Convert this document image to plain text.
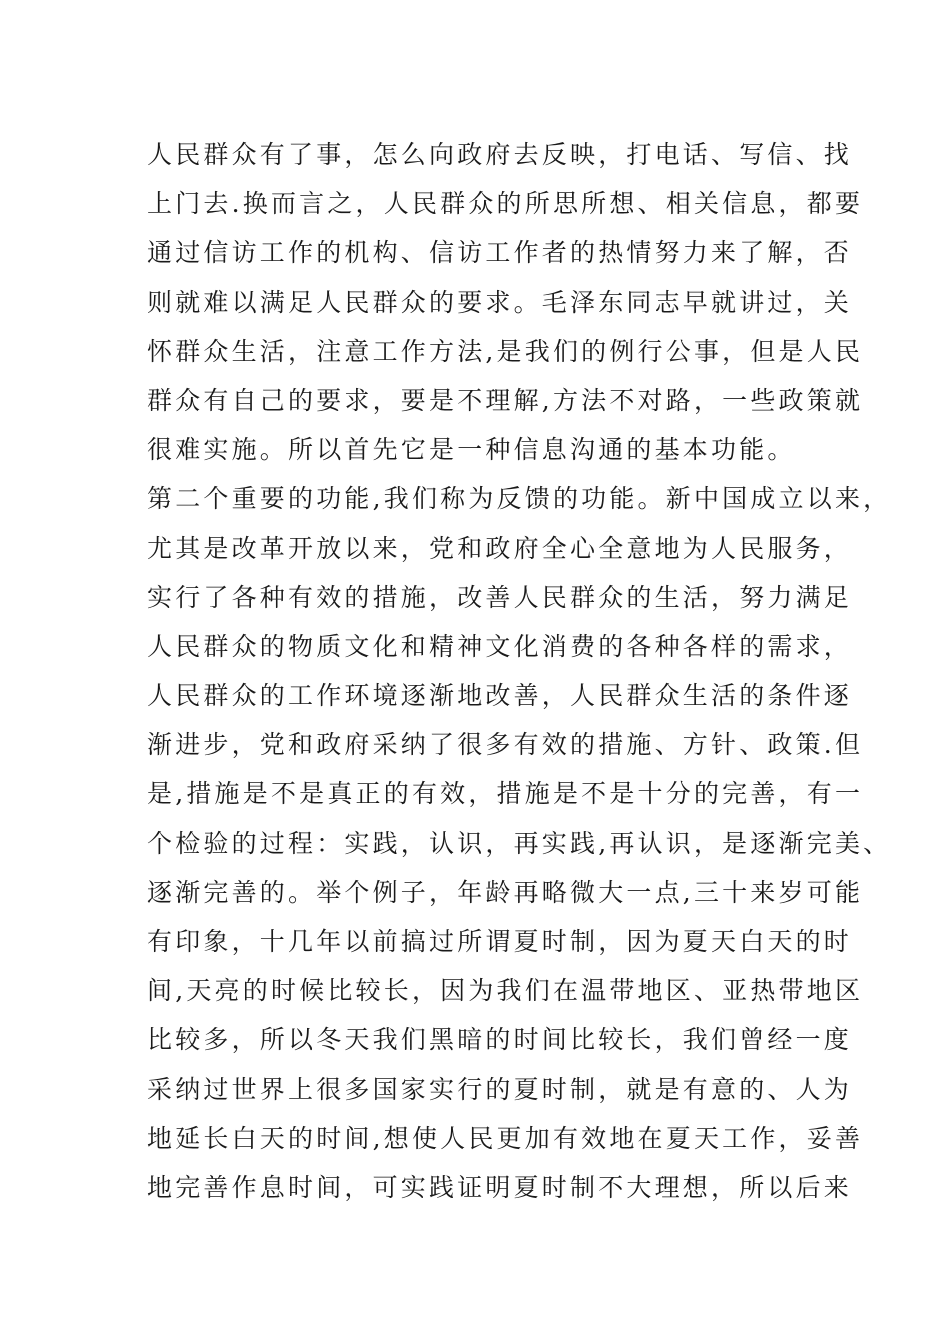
人民群众有了事，怎么向政府去反映，打电话、写信、找
上门去.换而言之，人民群众的所思所想、相关信息，都要
通过信访工作的机构、信访工作者的热情努力来了解，否
则就难以满足人民群众的要求。毛泽东同志早就讲过，关
怀群众生活，注意工作方法,是我们的例行公事，但是人民
群众有自己的要求，要是不理解,方法不对路，一些政策就
很难实施。所以首先它是一种信息沟通的基本功能。
第二个重要的功能,我们称为反馈的功能。新中国成立以来，
尤其是改革开放以来，党和政府全心全意地为人民服务，
实行了各种有效的措施，改善人民群众的生活，努力满足
人民群众的物质文化和精神文化消费的各种各样的需求，
人民群众的工作环境逐渐地改善，人民群众生活的条件逐
渐进步，党和政府采纳了很多有效的措施、方针、政策.但
是,措施是不是真正的有效，措施是不是十分的完善，有一
个检验的过程：实践，认识，再实践,再认识，是逐渐完美、
逐渐完善的。举个例子，年龄再略微大一点,三十来岁可能
有印象，十几年以前搞过所谓夏时制，因为夏天白天的时
间,天亮的时候比较长，因为我们在温带地区、亚热带地区
比较多，所以冬天我们黑暗的时间比较长，我们曾经一度
采纳过世界上很多国家实行的夏时制，就是有意的、人为
地延长白天的时间,想使人民更加有效地在夏天工作，妥善
地完善作息时间，可实践证明夏时制不大理想，所以后来
